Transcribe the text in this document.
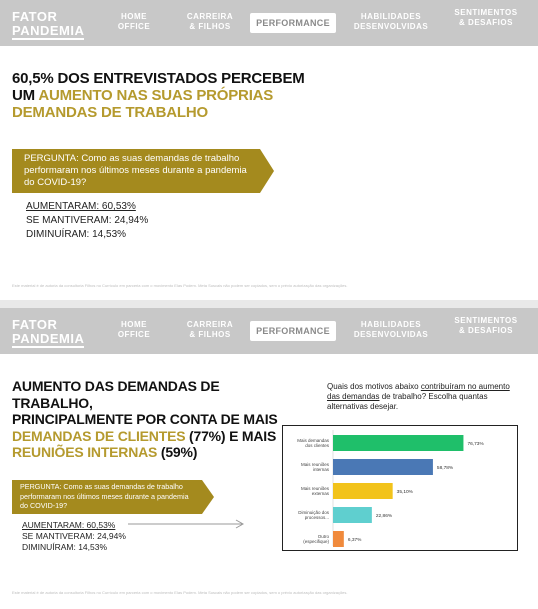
FATOR
PANDEMIA
HOME
OFFICE
CARREIRA
& FILHOS	PERFORMANCE
HABILIDADES
DESENVOLVIDAS
SENTIMENTOS
& DESAFIOS
60,5% DOS ENTREVISTADOS PERCEBEM
UM AUMENTO NAS SUAS PRÓPRIAS
DEMANDAS DE TRABALHO
PERGUNTA: Como as suas demandas de trabalho performaram nos últimos meses durante a pandemia do COVID-19?
AUMENTARAM: 60,53%
SE MANTIVERAM: 24,94%
DIMINUÍRAM: 14,53%
Este material é de autoria da consultoria Filhos no Currículo em parceria com o movimento Elas Podem. Meta Suscais não podem ser copiados, sem o prévio autorização das organizações.
FATOR
PANDEMIA
HOME
OFFICE
CARREIRA
& FILHOS	PERFORMANCE
HABILIDADES
DESENVOLVIDAS
SENTIMENTOS
& DESAFIOS
AUMENTO DAS DEMANDAS DE TRABALHO,
PRINCIPALMENTE POR CONTA DE MAIS
DEMANDAS DE CLIENTES (77%) E MAIS
REUNIÕES INTERNAS (59%)
PERGUNTA: Como as suas demandas de trabalho performaram nos últimos meses durante a pandemia do COVID-19?
AUMENTARAM: 60,53%
SE MANTIVERAM: 24,94%
DIMINUÍRAM: 14,53%
Quais dos motivos abaixo contribuíram no aumento das demandas de trabalho? Escolha quantas alternativas desejar.
Mais demandas dos clientes	76,73%
Mais reuniões internas	58,78%
Mais reuniões externas	35,10%
Diminuição dos processos...	22,86%
Outro (especifique)	6,37%
Este material é de autoria da consultoria Filhos no Currículo em parceria com o movimento Elas Podem. Meta Suscais não podem ser copiados, sem o prévio autorização das organizações.
